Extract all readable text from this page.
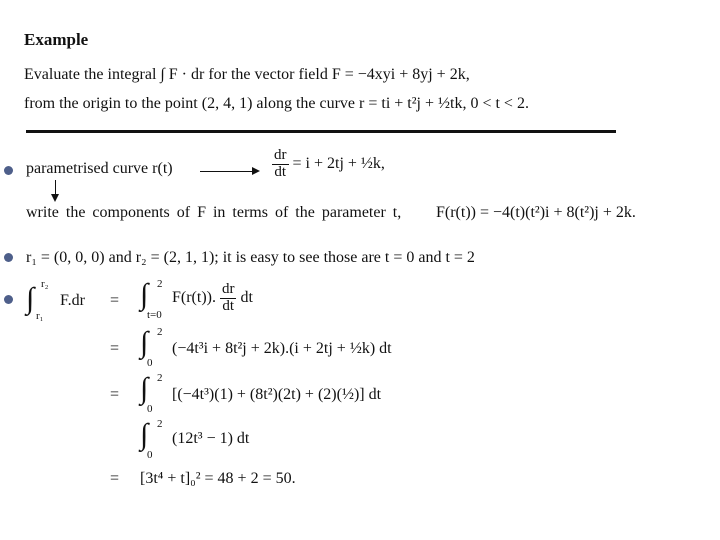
Example
Evaluate the integral ∫ F · dr for the vector field F = −4xyi + 8yj + 2k,
from the origin to the point (2, 4, 1) along the curve r = ti + t²j + ½tk, 0 < t < 2.
parametrised curve r(t)	$\frac{dr}{dt} = i + 2tj$ + ½k,
write the components of F in terms of the parameter t, F(r(t)) = −4(t)(t²)i + 8(t²)j + 2k.
r₁ = (0, 0, 0) and r₂ = (2, 1, 1); it is easy to see those are t = 0 and t = 2
∫ r₂
r₁
F.dr = ∫ 2
t=0
F(r(t)). $\frac{dr}{dt}$ dt
= ∫ 2
0
(−4t³i + 8t²j + 2k).(i + 2tj + ½k) dt
= ∫ 2
0
[(−4t³)(1) + (8t²)(2t) + (2)(½)] dt
∫ 2
0
(12t³ − 1) dt
= [3t⁴ + t]₀² = 48 + 2 = 50.
